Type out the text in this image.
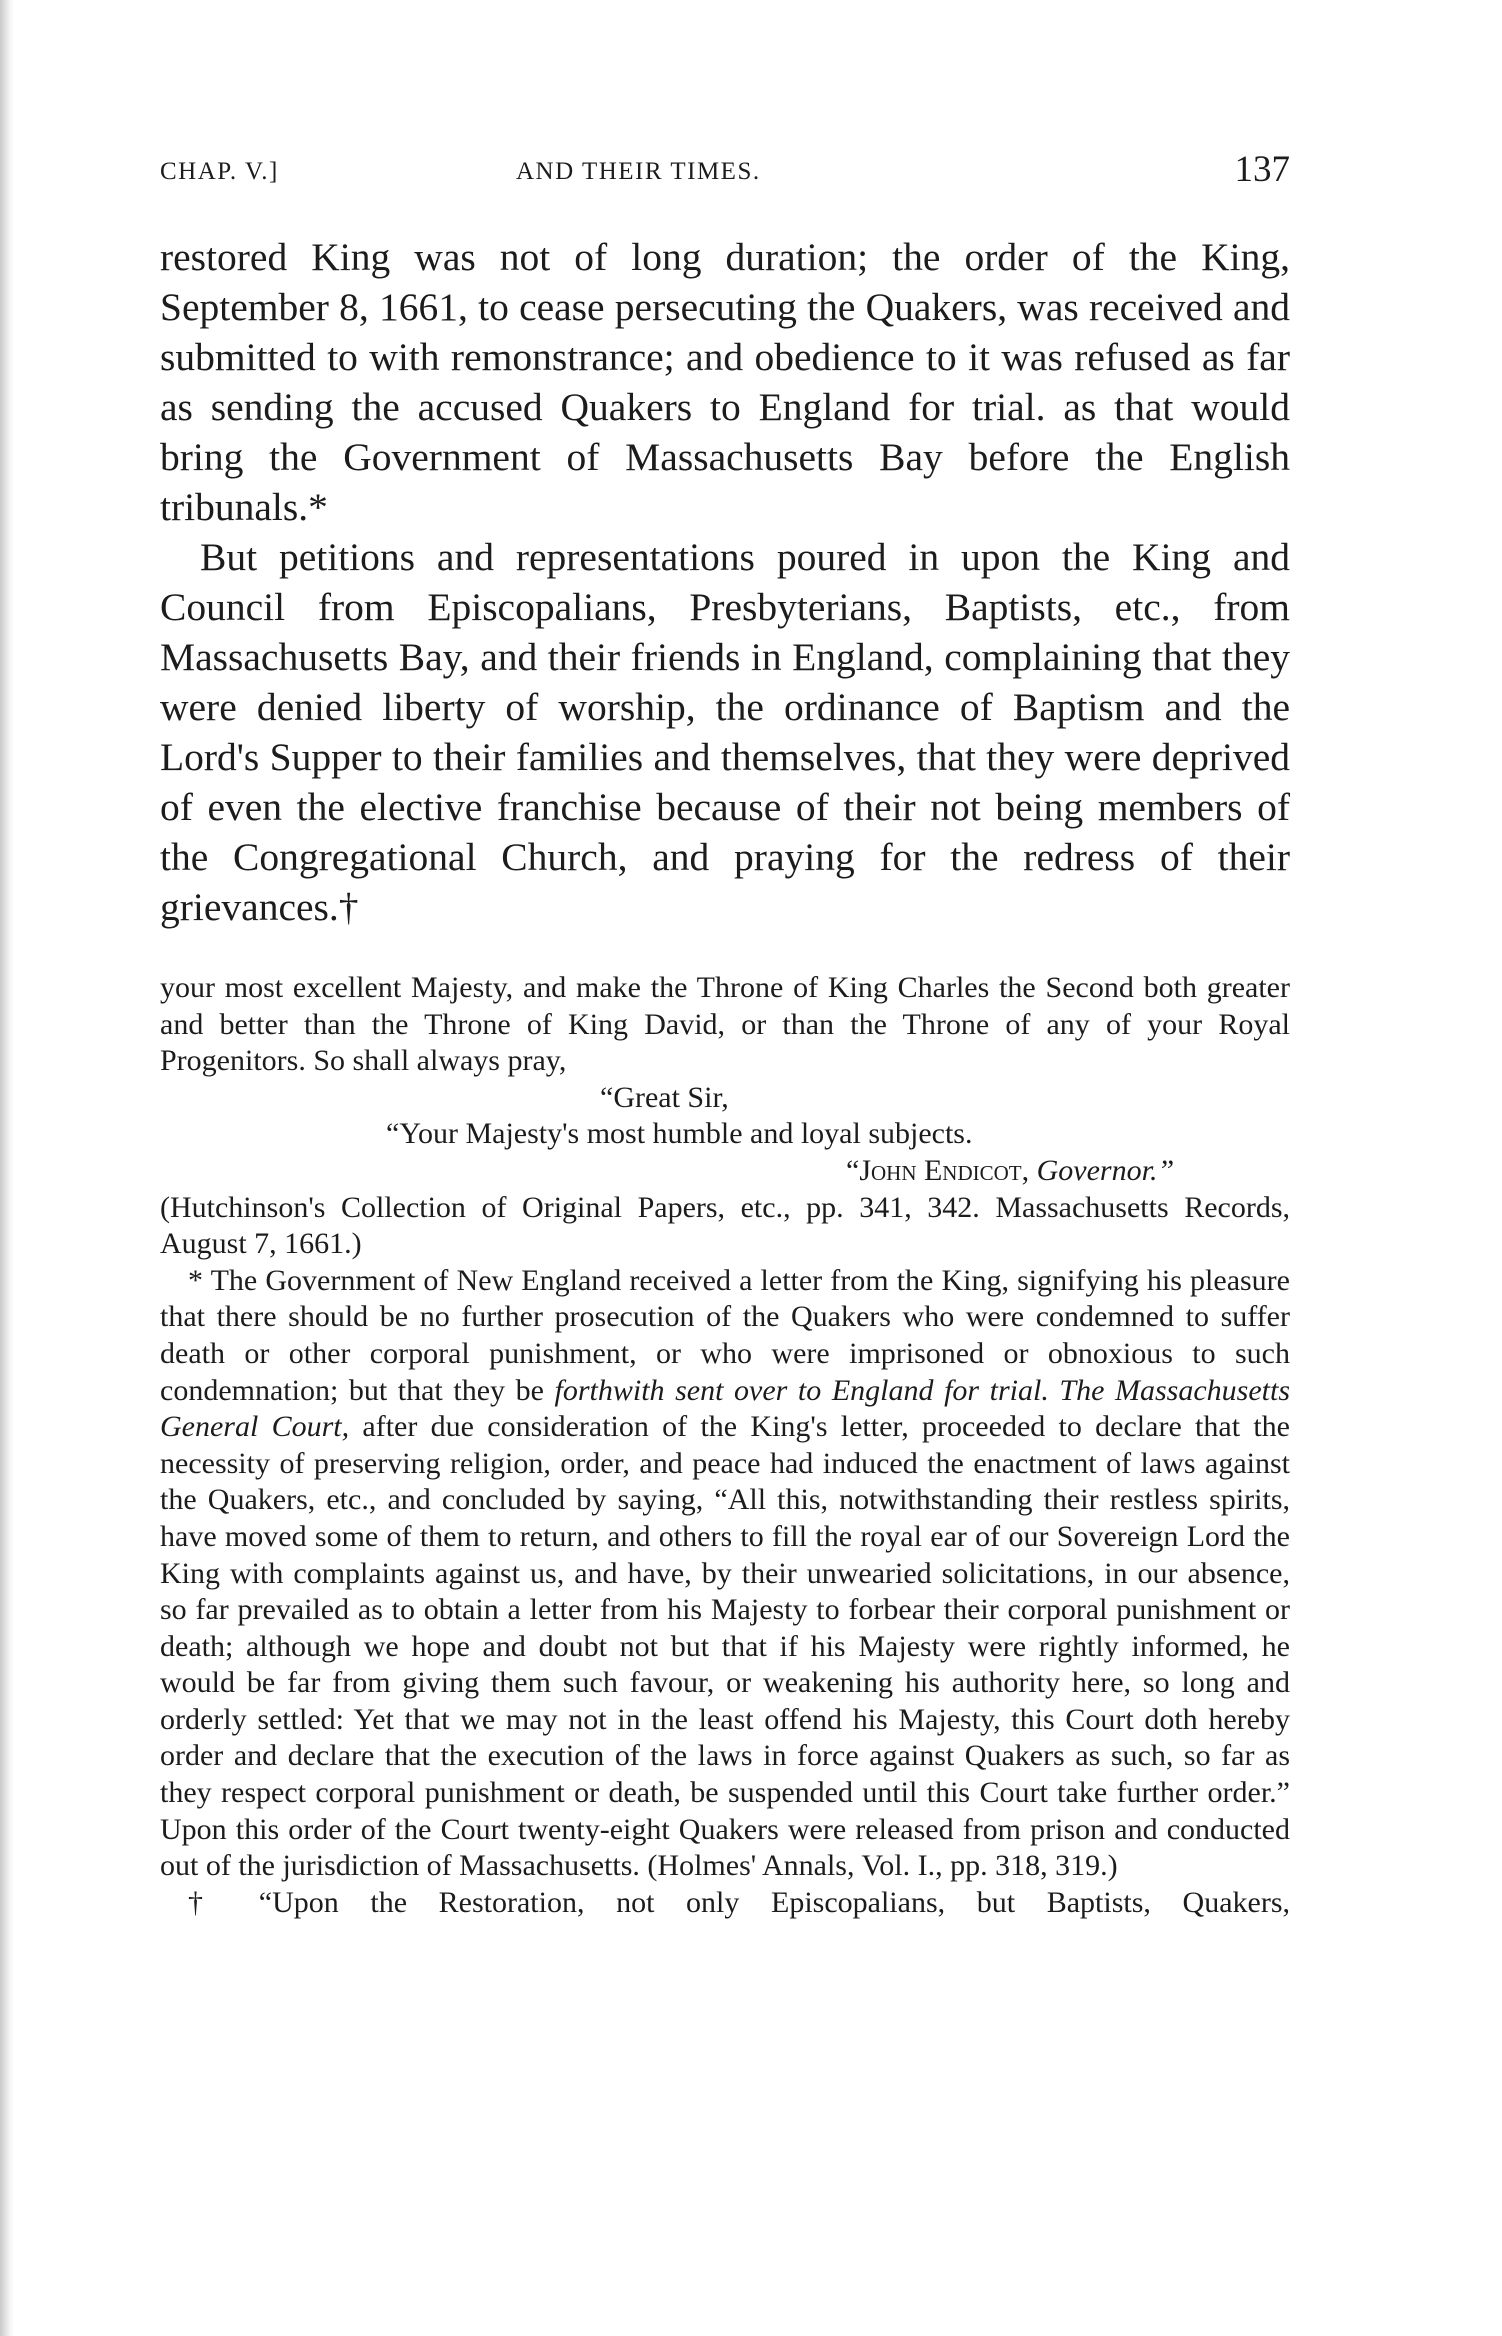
CHAP. V.]	AND THEIR TIMES.	137

restored King was not of long duration; the order of the King, September 8, 1661, to cease persecuting the Quakers, was received and submitted to with remonstrance; and obedience to it was refused as far as sending the accused Quakers to England for trial. as that would bring the Government of Massachusetts Bay before the English tribunals.*

But petitions and representations poured in upon the King and Council from Episcopalians, Presbyterians, Baptists, etc., from Massachusetts Bay, and their friends in England, complaining that they were denied liberty of worship, the ordinance of Baptism and the Lord's Supper to their families and themselves, that they were deprived of even the elective franchise because of their not being members of the Congregational Church, and praying for the redress of their grievances.†

your most excellent Majesty, and make the Throne of King Charles the Second both greater and better than the Throne of King David, or than the Throne of any of your Royal Progenitors. So shall always pray,

“Great Sir,

“Your Majesty's most humble and loyal subjects.

“John Endicot, Governor.”

(Hutchinson's Collection of Original Papers, etc., pp. 341, 342. Massachusetts Records, August 7, 1661.)

* The Government of New England received a letter from the King, signifying his pleasure that there should be no further prosecution of the Quakers who were condemned to suffer death or other corporal punishment, or who were imprisoned or obnoxious to such condemnation; but that they be forthwith sent over to England for trial. The Massachusetts General Court, after due consideration of the King's letter, proceeded to declare that the necessity of preserving religion, order, and peace had induced the enactment of laws against the Quakers, etc., and concluded by saying, “All this, notwithstanding their restless spirits, have moved some of them to return, and others to fill the royal ear of our Sovereign Lord the King with complaints against us, and have, by their unwearied solicitations, in our absence, so far prevailed as to obtain a letter from his Majesty to forbear their corporal punishment or death; although we hope and doubt not but that if his Majesty were rightly informed, he would be far from giving them such favour, or weakening his authority here, so long and orderly settled: Yet that we may not in the least offend his Majesty, this Court doth hereby order and declare that the execution of the laws in force against Quakers as such, so far as they respect corporal punishment or death, be suspended until this Court take further order.” Upon this order of the Court twenty-eight Quakers were released from prison and conducted out of the jurisdiction of Massachusetts. (Holmes' Annals, Vol. I., pp. 318, 319.)

† “Upon the Restoration, not only Episcopalians, but Baptists, Quakers,
